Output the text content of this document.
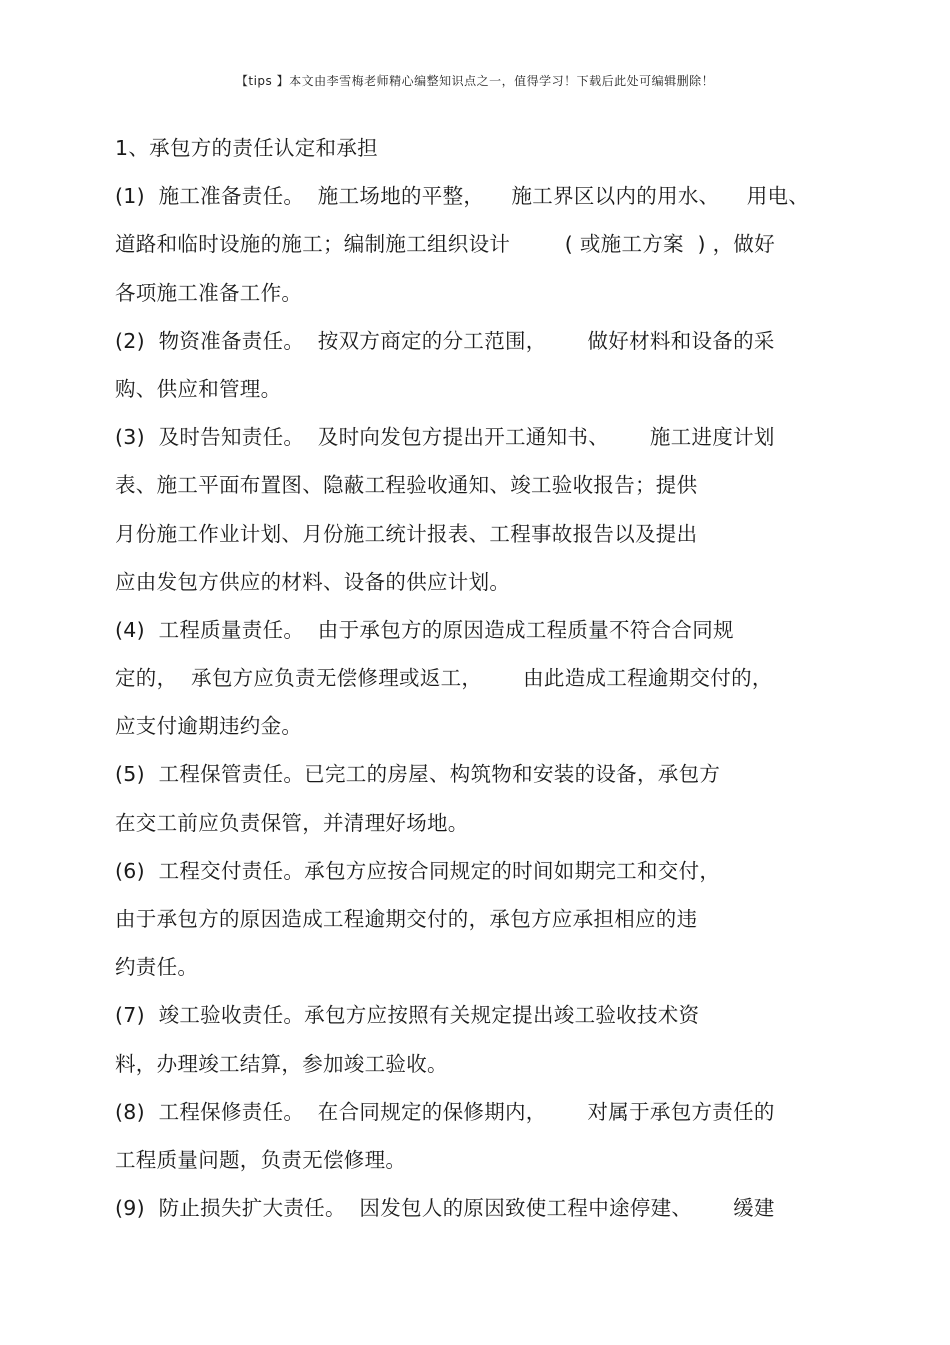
【tips 】本文由李雪梅老师精心编整知识点之一，值得学习！下载后此处可编辑删除！
1、承包方的责任认定和承担
(1)  施工准备责任。  施工场地的平整，    施工界区以内的用水、    用电、
道路和临时设施的施工；编制施工组织设计        ( 或施工方案  ) ，做好
各项施工准备工作。
(2)  物资准备责任。  按双方商定的分工范围，      做好材料和设备的采
购、供应和管理。
(3)  及时告知责任。  及时向发包方提出开工通知书、      施工进度计划
表、施工平面布置图、隐蔽工程验收通知、竣工验收报告；提供
月份施工作业计划、月份施工统计报表、工程事故报告以及提出
应由发包方供应的材料、设备的供应计划。
(4)  工程质量责任。  由于承包方的原因造成工程质量不符合合同规
定的，  承包方应负责无偿修理或返工，      由此造成工程逾期交付的，
应支付逾期违约金。
(5)  工程保管责任。已完工的房屋、构筑物和安装的设备，承包方
在交工前应负责保管，并清理好场地。
(6)  工程交付责任。承包方应按合同规定的时间如期完工和交付，
由于承包方的原因造成工程逾期交付的，承包方应承担相应的违
约责任。
(7)  竣工验收责任。承包方应按照有关规定提出竣工验收技术资
料，办理竣工结算，参加竣工验收。
(8)  工程保修责任。  在合同规定的保修期内，      对属于承包方责任的
工程质量问题，负责无偿修理。
(9)  防止损失扩大责任。  因发包人的原因致使工程中途停建、      缓建
